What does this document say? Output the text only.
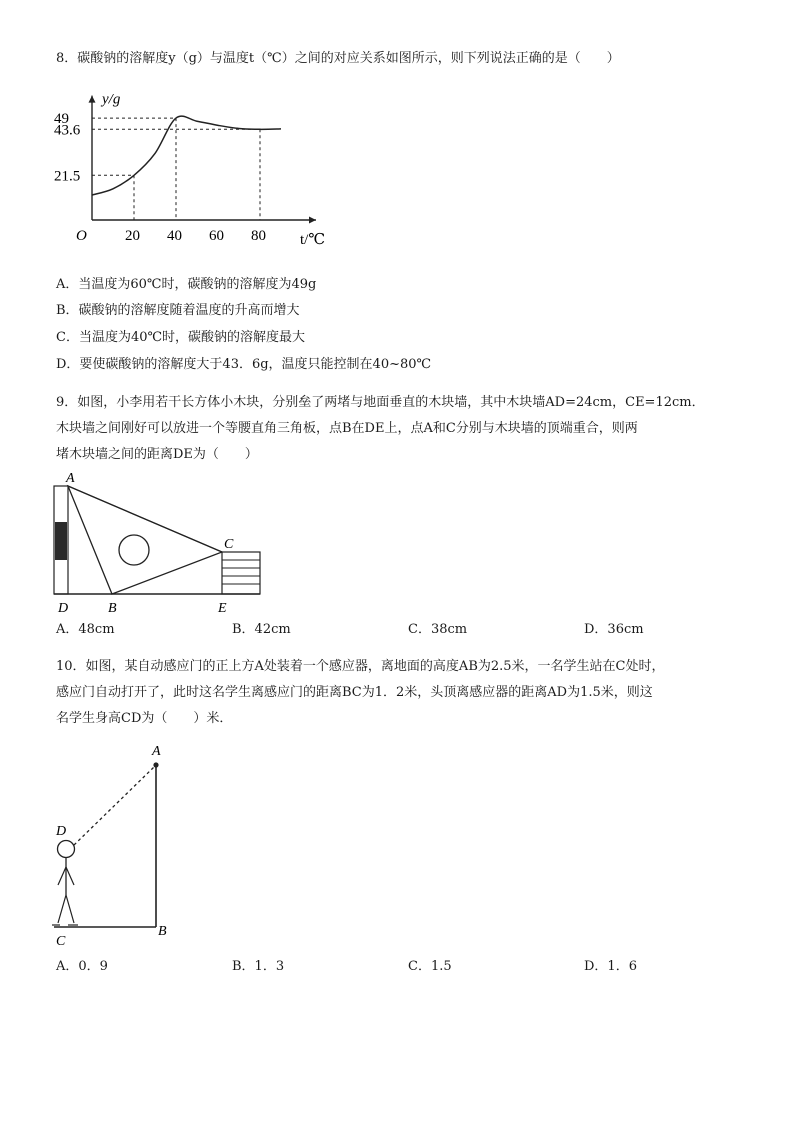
8．碳酸钠的溶解度y（g）与温度t（℃）之间的对应关系如图所示，则下列说法正确的是（　　）
y/g
t/℃
O	20 40 60 80
21.5
43.6
49
A．当温度为60℃时，碳酸钠的溶解度为49g
B．碳酸钠的溶解度随着温度的升高而增大
C．当温度为40℃时，碳酸钠的溶解度最大
D．要使碳酸钠的溶解度大于43．6g，温度只能控制在40~80℃
9．如图，小李用若干长方体小木块，分别垒了两堵与地面垂直的木块墙，其中木块墙AD=24cm，CE=12cm．
木块墙之间刚好可以放进一个等腰直角三角板，点B在DE上，点A和C分别与木块墙的顶端重合，则两
堵木块墙之间的距离DE为（　　）
A
C
D	B	E
A．48cm	B．42cm	C．38cm	D．36cm
10．如图，某自动感应门的正上方A处装着一个感应器，离地面的高度AB为2.5米，一名学生站在C处时，
感应门自动打开了，此时这名学生离感应门的距离BC为1．2米，头顶离感应器的距离AD为1.5米，则这
名学生身高CD为（　　）米．
A
D
C
B
A．0．9	B．1．3	C．1.5	D．1．6
